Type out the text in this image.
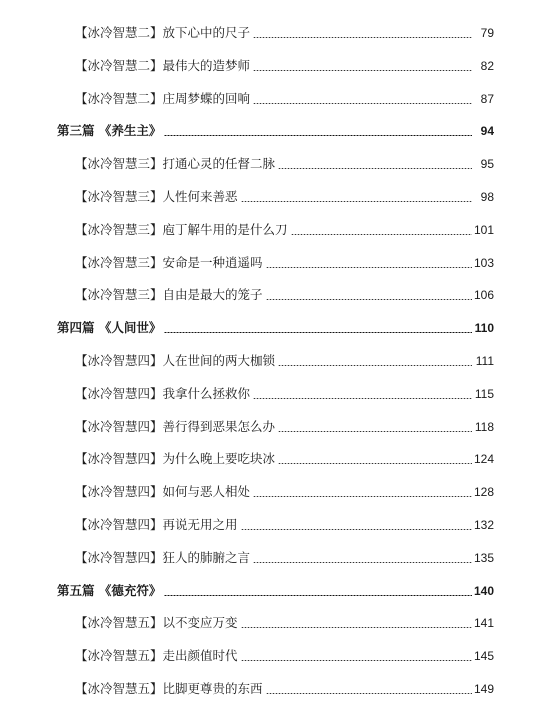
【冰冷智慧二】放下心中的尺子	79
【冰冷智慧二】最伟大的造梦师	82
【冰冷智慧二】庄周梦蝶的回响	87
第三篇 《养生主》	94
【冰冷智慧三】打通心灵的任督二脉	95
【冰冷智慧三】人性何来善恶	98
【冰冷智慧三】庖丁解牛用的是什么刀	101
【冰冷智慧三】安命是一种逍遥吗	103
【冰冷智慧三】自由是最大的笼子	106
第四篇 《人间世》	110
【冰冷智慧四】人在世间的两大枷锁	111
【冰冷智慧四】我拿什么拯救你	115
【冰冷智慧四】善行得到恶果怎么办	118
【冰冷智慧四】为什么晚上要吃块冰	124
【冰冷智慧四】如何与恶人相处	128
【冰冷智慧四】再说无用之用	132
【冰冷智慧四】狂人的肺腑之言	135
第五篇 《德充符》	140
【冰冷智慧五】以不变应万变	141
【冰冷智慧五】走出颜值时代	145
【冰冷智慧五】比脚更尊贵的东西	149
